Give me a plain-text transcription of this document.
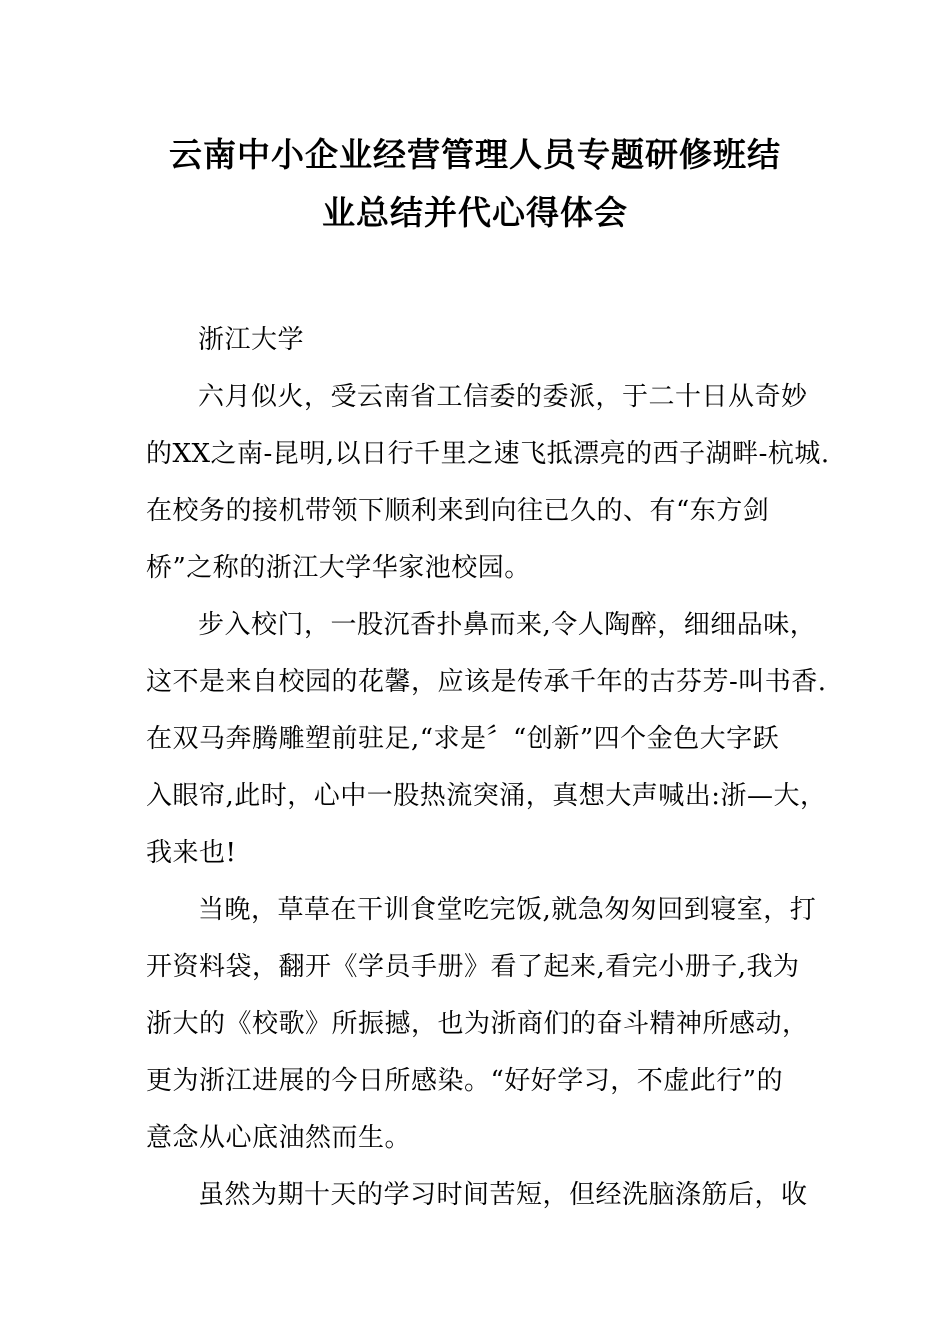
云南中小企业经营管理人员专题研修班结
业总结并代心得体会
浙江大学
六月似火，受云南省工信委的委派，于二十日从奇妙
的XX之南-昆明,以日行千里之速飞抵漂亮的西子湖畔-杭城.
在校务的接机带领下顺利来到向往已久的、有“东方剑
桥”之称的浙江大学华家池校园。
步入校门，一股沉香扑鼻而来,令人陶醉，细细品味，
这不是来自校园的花馨，应该是传承千年的古芬芳-叫书香.
在双马奔腾雕塑前驻足,“求是〞“创新”四个金色大字跃
入眼帘,此时，心中一股热流突涌，真想大声喊出:浙—大，
我来也!
当晚，草草在干训食堂吃完饭,就急匆匆回到寝室，打
开资料袋，翻开《学员手册》看了起来,看完小册子,我为
浙大的《校歌》所振撼，也为浙商们的奋斗精神所感动，
更为浙江进展的今日所感染。“好好学习，不虚此行”的
意念从心底油然而生。
虽然为期十天的学习时间苦短，但经洗脑涤筋后，收
